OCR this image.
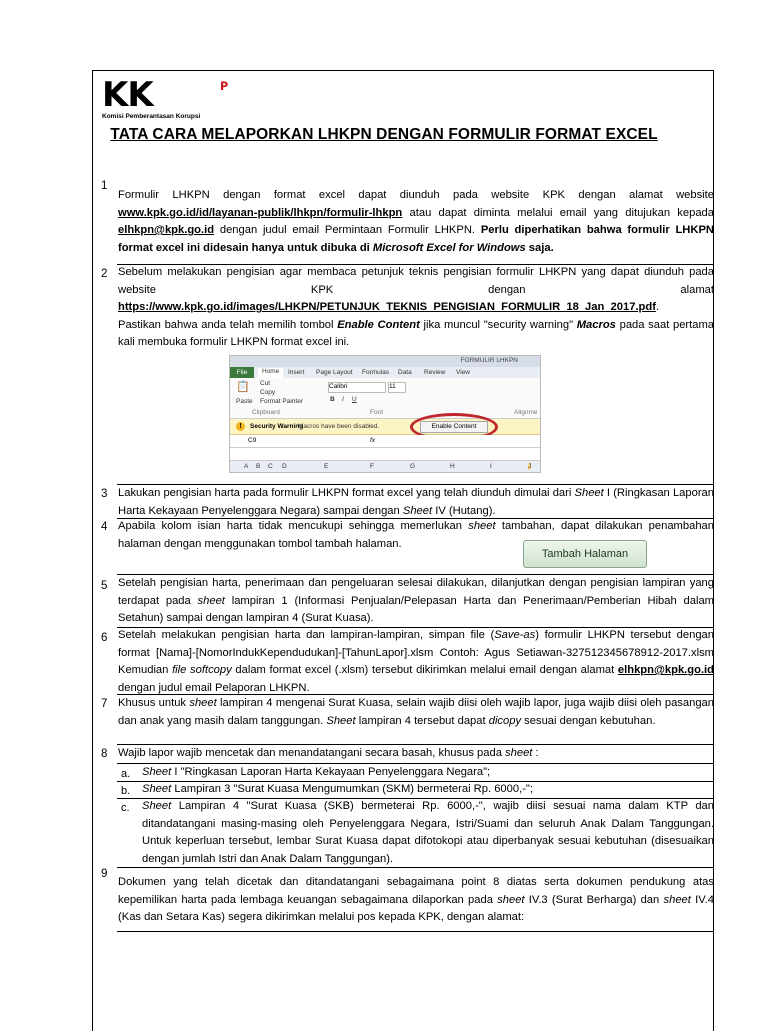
K	P
K
Komisi Pemberantasan Korupsi
TATA CARA MELAPORKAN LHKPN DENGAN FORMULIR FORMAT EXCEL
1
Formulir LHKPN dengan format excel dapat diunduh pada website KPK dengan alamat website www.kpk.go.id/id/layanan-publik/lhkpn/formulir-lhkpn atau dapat diminta melalui email yang ditujukan kepada elhkpn@kpk.go.id dengan judul email Permintaan Formulir LHKPN. Perlu diperhatikan bahwa formulir LHKPN format excel ini didesain hanya untuk dibuka di Microsoft Excel for Windows saja.
2 Sebelum melakukan pengisian agar membaca petunjuk teknis pengisian formulir LHKPN yang dapat diunduh pada website KPK dengan alamat https://www.kpk.go.id/images/LHKPN/PETUNJUK_TEKNIS_PENGISIAN_FORMULIR_18_Jan_2017.pdf.
Pastikan bahwa anda telah memilih tombol Enable Content jika muncul "security warning" Macros pada saat pertama kali membuka formulir LHKPN format excel ini.
FORMULIR LHKPN
File	Home	Insert Page Layout Formulas Data Review View
📋
Paste
Cut
Copy
Format Painter
Clipboard
Calibri	11
B I U
Font	Alignme
!	Security Warning
Macros have been disabled.	Enable Content
C9	fx
A B C D	E	F	G	H	I	J
3 Lakukan pengisian harta pada formulir LHKPN format excel yang telah diunduh dimulai dari Sheet I (Ringkasan Laporan Harta Kekayaan Penyelenggara Negara) sampai dengan Sheet IV (Hutang).
4 Apabila kolom isian harta tidak mencukupi sehingga memerlukan sheet tambahan, dapat dilakukan penambahan halaman dengan menggunakan tombol tambah halaman.
Tambah Halaman
5 Setelah pengisian harta, penerimaan dan pengeluaran selesai dilakukan, dilanjutkan dengan pengisian lampiran yang terdapat pada sheet lampiran 1 (Informasi Penjualan/Pelepasan Harta dan Penerimaan/Pemberian Hibah dalam Setahun) sampai dengan lampiran 4 (Surat Kuasa).
6 Setelah melakukan pengisian harta dan lampiran-lampiran, simpan file (Save-as) formulir LHKPN tersebut dengan format [Nama]-[NomorIndukKependudukan]-[TahunLapor].xlsm Contoh: Agus Setiawan-327512345678912-2017.xlsm Kemudian file softcopy dalam format excel (.xlsm) tersebut dikirimkan melalui email dengan alamat elhkpn@kpk.go.id dengan judul email Pelaporan LHKPN.
7 Khusus untuk sheet lampiran 4 mengenai Surat Kuasa, selain wajib diisi oleh wajib lapor, juga wajib diisi oleh pasangan dan anak yang masih dalam tanggungan. Sheet lampiran 4 tersebut dapat dicopy sesuai dengan kebutuhan.
8 Wajib lapor wajib mencetak dan menandatangani secara basah, khusus pada sheet :
a. Sheet I "Ringkasan Laporan Harta Kekayaan Penyelenggara Negara";
b. Sheet Lampiran 3 "Surat Kuasa Mengumumkan (SKM) bermeterai Rp. 6000,-";
c. Sheet Lampiran 4 "Surat Kuasa (SKB) bermeterai Rp. 6000,-", wajib diisi sesuai nama dalam KTP dan ditandatangani masing-masing oleh Penyelenggara Negara, Istri/Suami dan seluruh Anak Dalam Tanggungan. Untuk keperluan tersebut, lembar Surat Kuasa dapat difotokopi atau diperbanyak sesuai kebutuhan (disesuaikan dengan jumlah Istri dan Anak Dalam Tanggungan).
9
Dokumen yang telah dicetak dan ditandatangani sebagaimana point 8 diatas serta dokumen pendukung atas kepemilikan harta pada lembaga keuangan sebagaimana dilaporkan pada sheet IV.3 (Surat Berharga) dan sheet IV.4 (Kas dan Setara Kas) segera dikirimkan melalui pos kepada KPK, dengan alamat:
